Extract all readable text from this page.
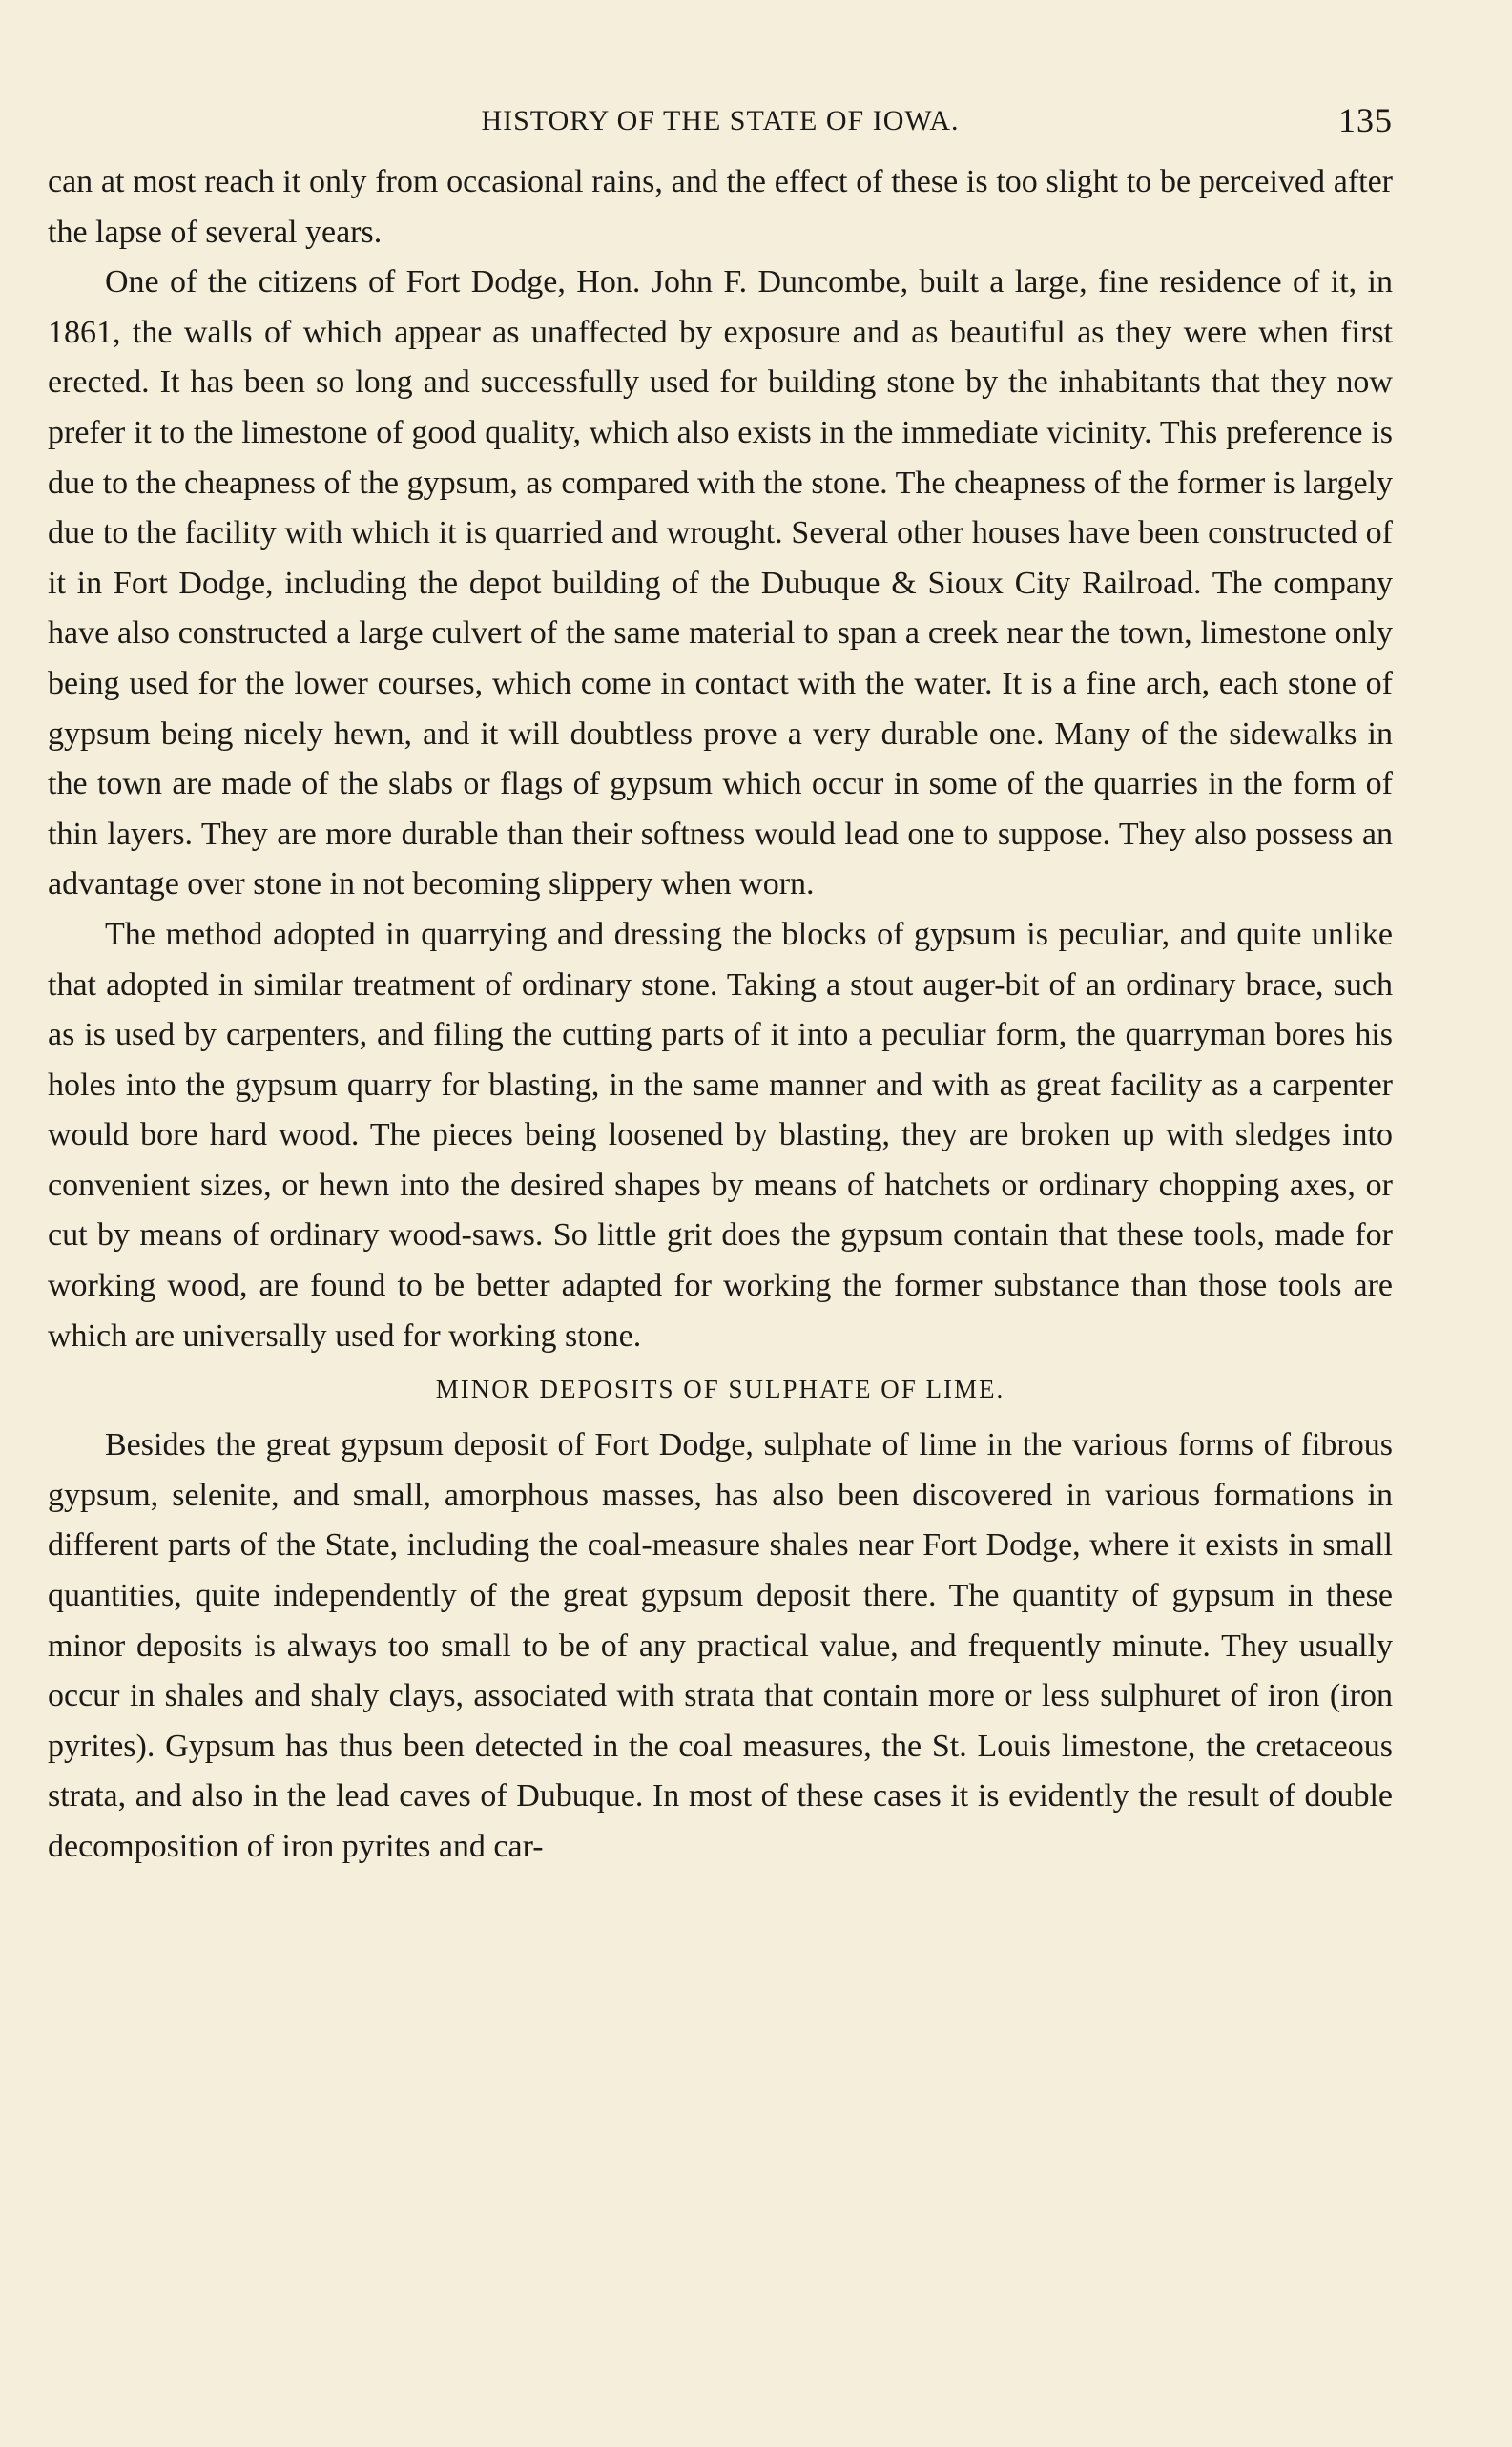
HISTORY OF THE STATE OF IOWA.	135

can at most reach it only from occasional rains, and the effect of these is too slight to be perceived after the lapse of several years.

One of the citizens of Fort Dodge, Hon. John F. Duncombe, built a large, fine residence of it, in 1861, the walls of which appear as unaffected by exposure and as beautiful as they were when first erected. It has been so long and successfully used for building stone by the inhabitants that they now prefer it to the limestone of good quality, which also exists in the immediate vicinity. This preference is due to the cheapness of the gypsum, as compared with the stone. The cheapness of the former is largely due to the facility with which it is quarried and wrought. Several other houses have been constructed of it in Fort Dodge, including the depot building of the Dubuque & Sioux City Railroad. The company have also constructed a large culvert of the same material to span a creek near the town, limestone only being used for the lower courses, which come in contact with the water. It is a fine arch, each stone of gypsum being nicely hewn, and it will doubtless prove a very durable one. Many of the sidewalks in the town are made of the slabs or flags of gypsum which occur in some of the quarries in the form of thin layers. They are more durable than their softness would lead one to suppose. They also possess an advantage over stone in not becoming slippery when worn.

The method adopted in quarrying and dressing the blocks of gypsum is peculiar, and quite unlike that adopted in similar treatment of ordinary stone. Taking a stout auger-bit of an ordinary brace, such as is used by carpenters, and filing the cutting parts of it into a peculiar form, the quarryman bores his holes into the gypsum quarry for blasting, in the same manner and with as great facility as a carpenter would bore hard wood. The pieces being loosened by blasting, they are broken up with sledges into convenient sizes, or hewn into the desired shapes by means of hatchets or ordinary chopping axes, or cut by means of ordinary wood-saws. So little grit does the gypsum contain that these tools, made for working wood, are found to be better adapted for working the former substance than those tools are which are universally used for working stone.

MINOR DEPOSITS OF SULPHATE OF LIME.

Besides the great gypsum deposit of Fort Dodge, sulphate of lime in the various forms of fibrous gypsum, selenite, and small, amorphous masses, has also been discovered in various formations in different parts of the State, including the coal-measure shales near Fort Dodge, where it exists in small quantities, quite independently of the great gypsum deposit there. The quantity of gypsum in these minor deposits is always too small to be of any practical value, and frequently minute. They usually occur in shales and shaly clays, associated with strata that contain more or less sulphuret of iron (iron pyrites). Gypsum has thus been detected in the coal measures, the St. Louis limestone, the cretaceous strata, and also in the lead caves of Dubuque. In most of these cases it is evidently the result of double decomposition of iron pyrites and car-
